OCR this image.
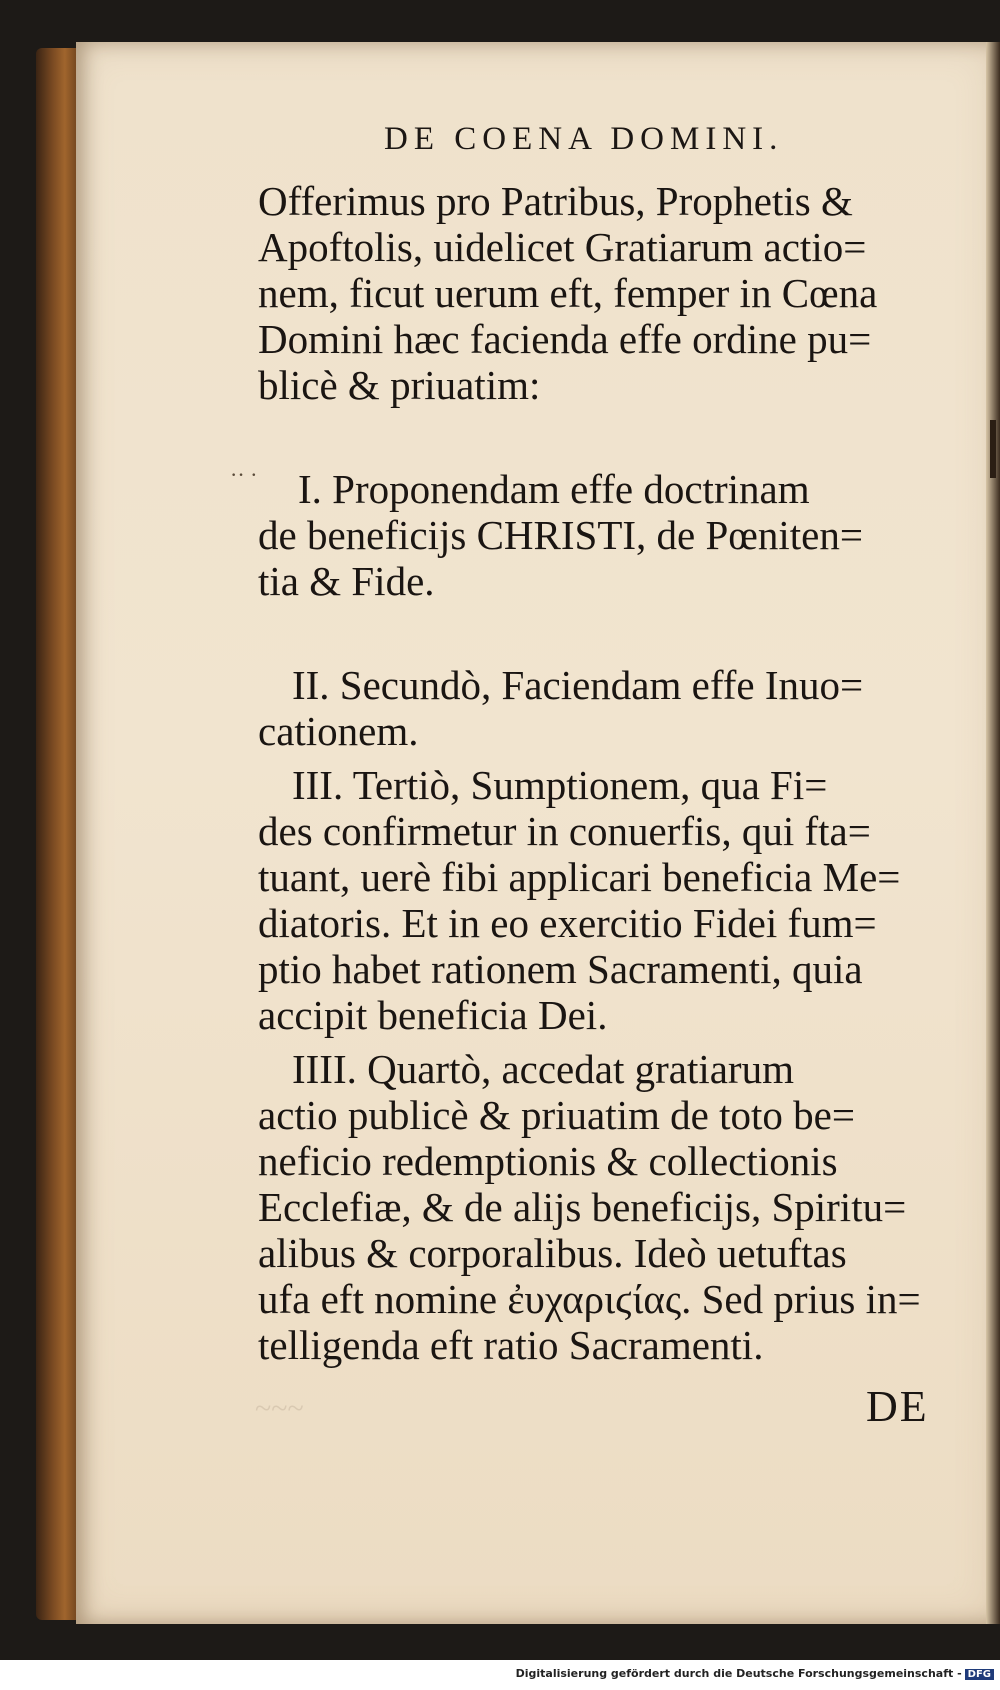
·· ·
~~~
DE COENA DOMINI.
Offerimus pro Patribus, Prophetis &
Apoftolis, uidelicet Gratiarum actio=
nem, ficut uerum eft, femper in Cœna
Domini hæc facienda effe ordine pu=
blicè & priuatim:
I. Proponendam effe doctrinam
de beneficijs CHRISTI, de Pœniten=
tia & Fide.
II. Secundò, Faciendam effe Inuo=
cationem.
III. Tertiò, Sumptionem, qua Fi=
des confirmetur in conuerfis, qui fta=
tuant, uerè fibi applicari beneficia Me=
diatoris. Et in eo exercitio Fidei fum=
ptio habet rationem Sacramenti, quia
accipit beneficia Dei.
IIII. Quartò, accedat gratiarum
actio publicè & priuatim de toto be=
neficio redemptionis & collectionis
Ecclefiæ, & de alijs beneficijs, Spiritu=
alibus & corporalibus. Ideò uetuftas
ufa eft nomine ἐυχαριϛίας. Sed prius in=
telligenda eft ratio Sacramenti.
DE
Digitalisierung gefördert durch die Deutsche Forschungsgemeinschaft - DFG
